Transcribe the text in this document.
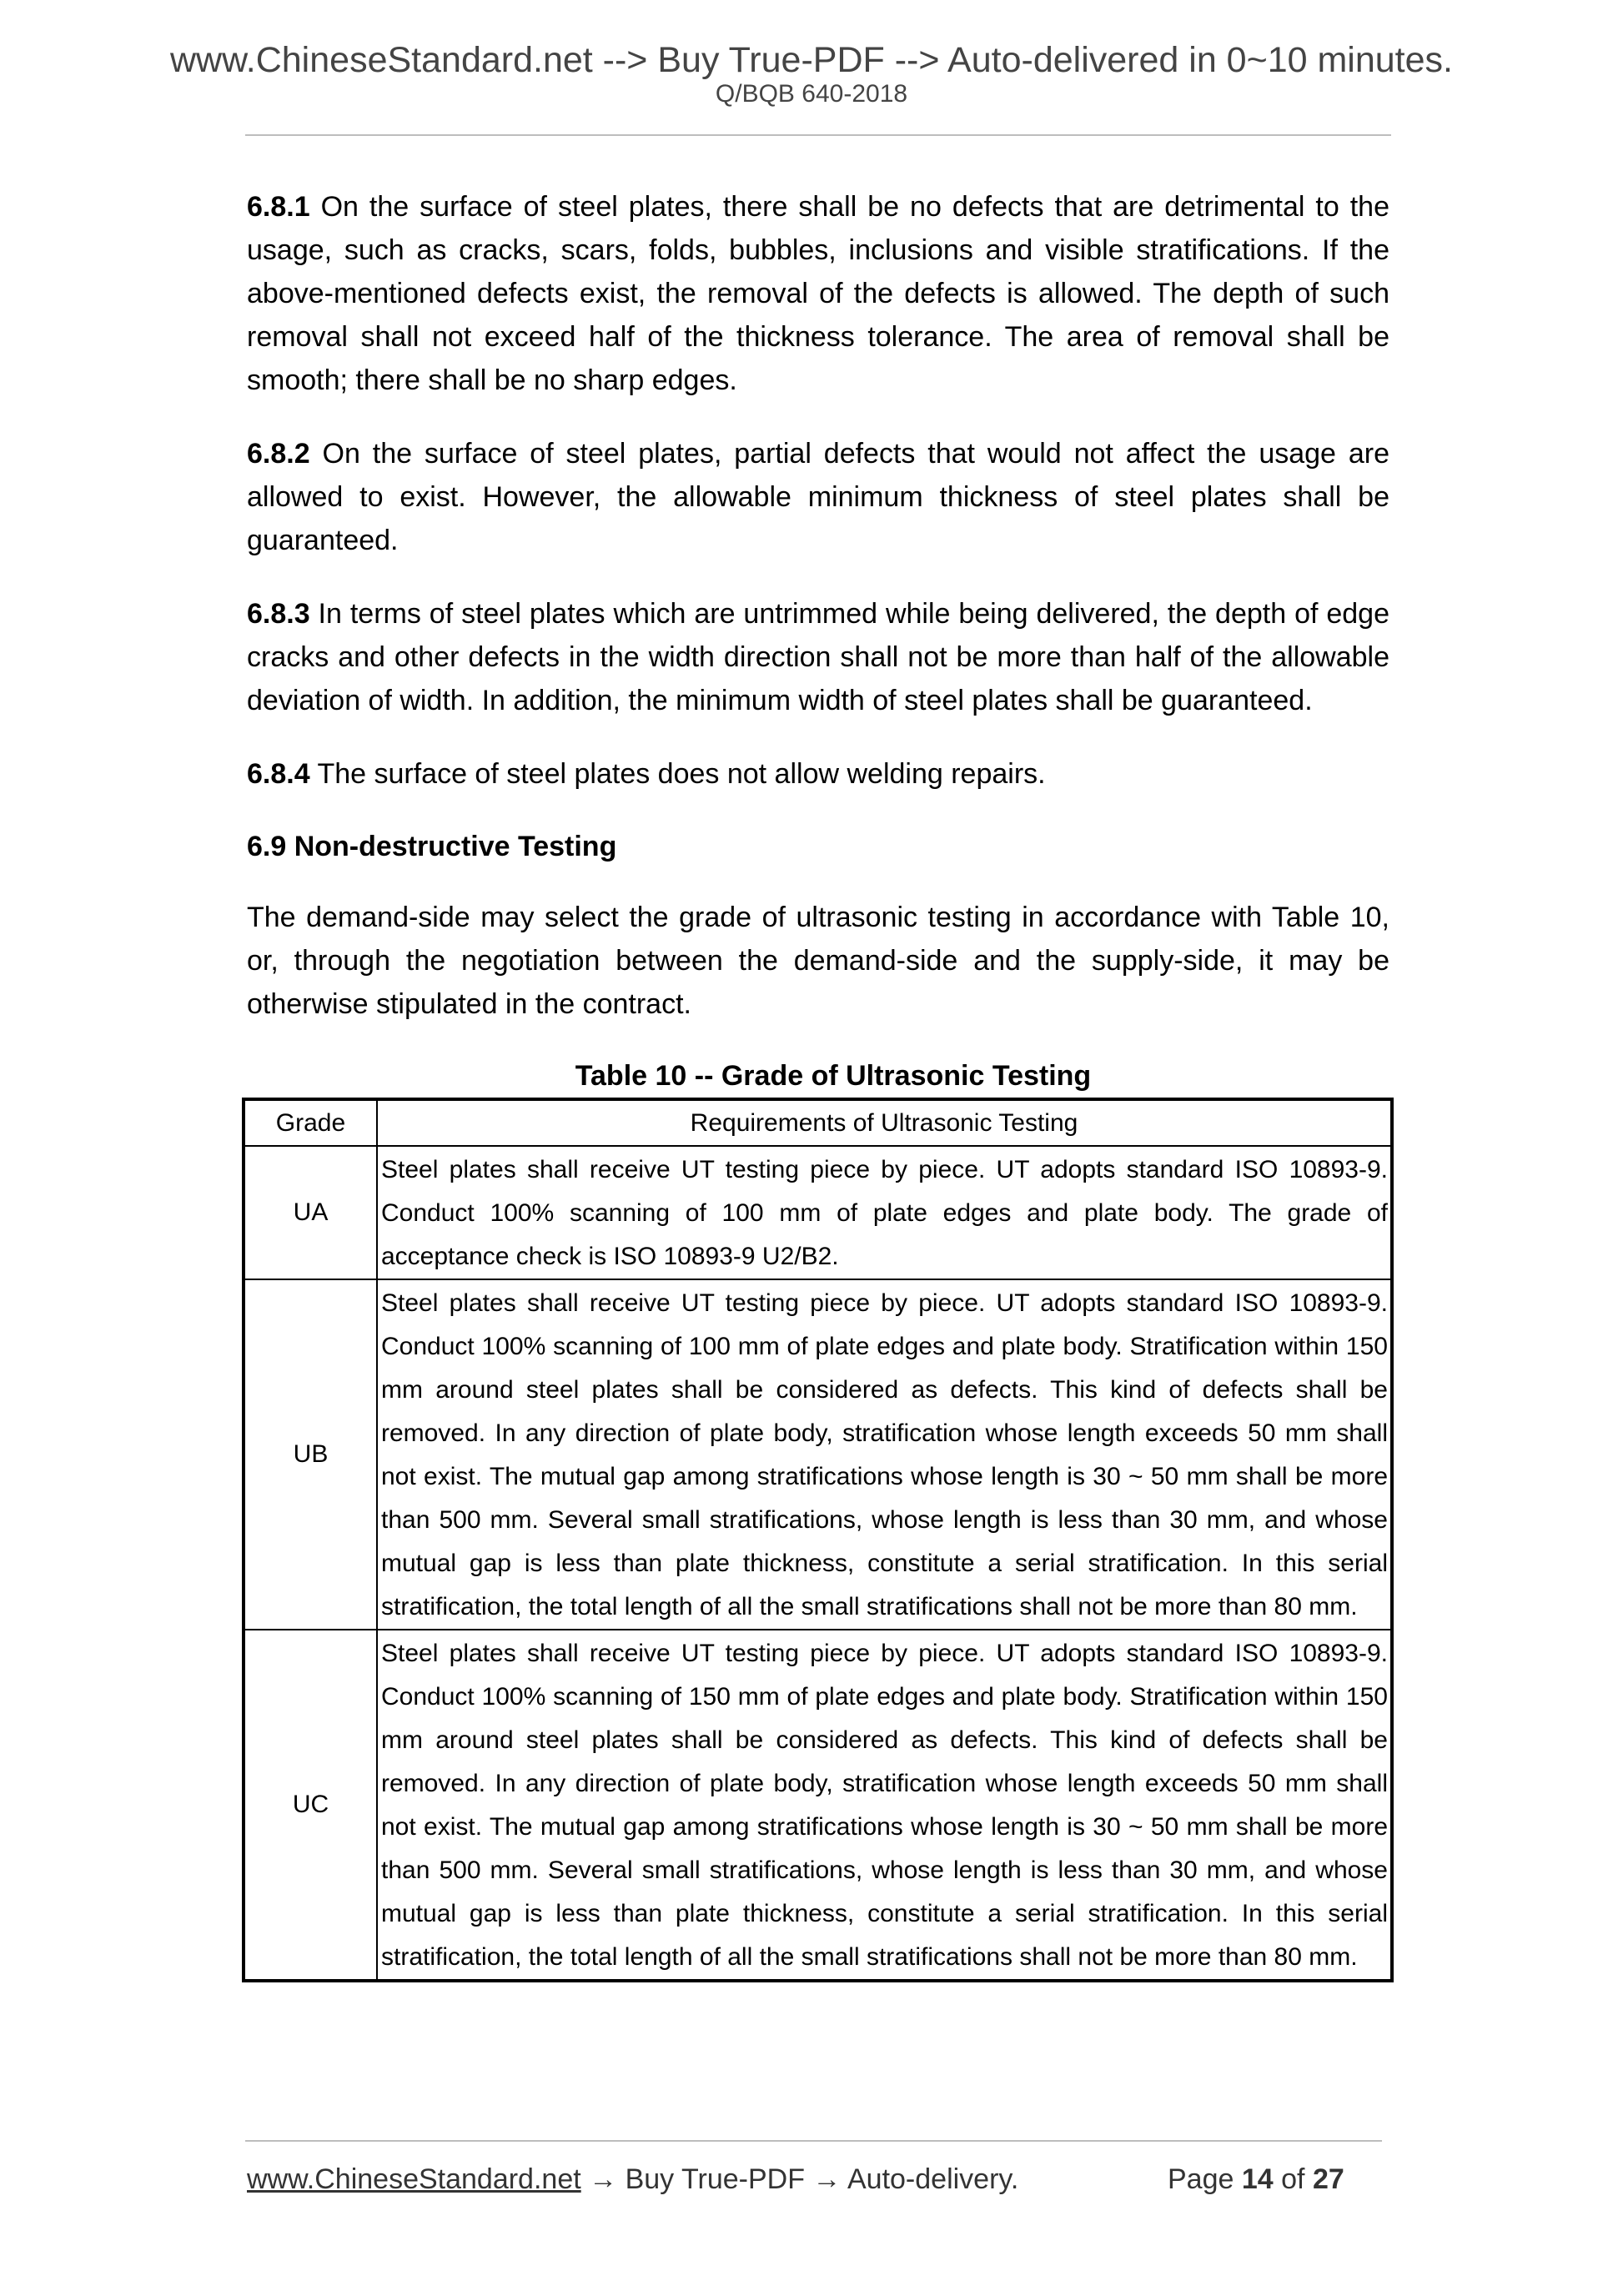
www.ChineseStandard.net --> Buy True-PDF --> Auto-delivered in 0~10 minutes.
Q/BQB 640-2018

6.8.1 On the surface of steel plates, there shall be no defects that are detrimental to the usage, such as cracks, scars, folds, bubbles, inclusions and visible stratifications. If the above-mentioned defects exist, the removal of the defects is allowed. The depth of such removal shall not exceed half of the thickness tolerance. The area of removal shall be smooth; there shall be no sharp edges.

6.8.2 On the surface of steel plates, partial defects that would not affect the usage are allowed to exist. However, the allowable minimum thickness of steel plates shall be guaranteed.

6.8.3 In terms of steel plates which are untrimmed while being delivered, the depth of edge cracks and other defects in the width direction shall not be more than half of the allowable deviation of width. In addition, the minimum width of steel plates shall be guaranteed.

6.8.4 The surface of steel plates does not allow welding repairs.

6.9 Non-destructive Testing

The demand-side may select the grade of ultrasonic testing in accordance with Table 10, or, through the negotiation between the demand-side and the supply-side, it may be otherwise stipulated in the contract.

Table 10 -- Grade of Ultrasonic Testing
Grade	Requirements of Ultrasonic Testing
UA	Steel plates shall receive UT testing piece by piece. UT adopts standard ISO 10893-9. Conduct 100% scanning of 100 mm of plate edges and plate body. The grade of acceptance check is ISO 10893-9 U2/B2.
UB	Steel plates shall receive UT testing piece by piece. UT adopts standard ISO 10893-9. Conduct 100% scanning of 100 mm of plate edges and plate body. Stratification within 150 mm around steel plates shall be considered as defects. This kind of defects shall be removed. In any direction of plate body, stratification whose length exceeds 50 mm shall not exist. The mutual gap among stratifications whose length is 30 ~ 50 mm shall be more than 500 mm. Several small stratifications, whose length is less than 30 mm, and whose mutual gap is less than plate thickness, constitute a serial stratification. In this serial stratification, the total length of all the small stratifications shall not be more than 80 mm.
UC	Steel plates shall receive UT testing piece by piece. UT adopts standard ISO 10893-9. Conduct 100% scanning of 150 mm of plate edges and plate body. Stratification within 150 mm around steel plates shall be considered as defects. This kind of defects shall be removed. In any direction of plate body, stratification whose length exceeds 50 mm shall not exist. The mutual gap among stratifications whose length is 30 ~ 50 mm shall be more than 500 mm. Several small stratifications, whose length is less than 30 mm, and whose mutual gap is less than plate thickness, constitute a serial stratification. In this serial stratification, the total length of all the small stratifications shall not be more than 80 mm.
www.ChineseStandard.net → Buy True-PDF → Auto-delivery.	Page 14 of 27
